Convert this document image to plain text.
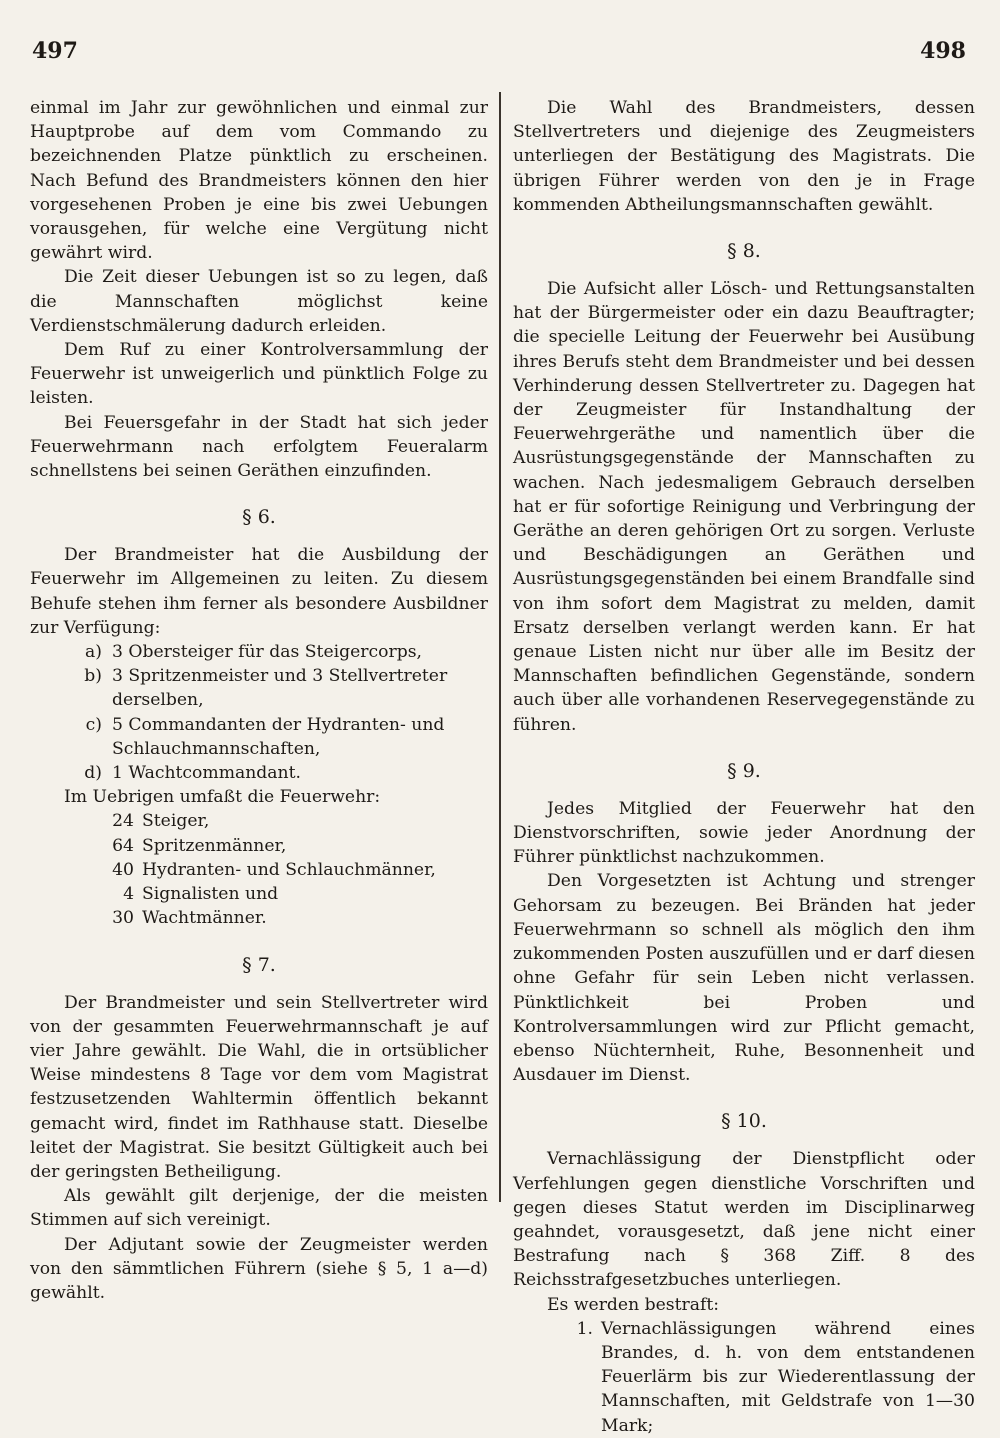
497	498

einmal im Jahr zur gewöhnlichen und einmal zur Hauptprobe auf dem vom Commando zu bezeichnenden Platze pünktlich zu erscheinen. Nach Befund des Brandmeisters können den hier vorgesehenen Proben je eine bis zwei Uebungen vorausgehen, für welche eine Vergütung nicht gewährt wird.

Die Zeit dieser Uebungen ist so zu legen, daß die Mannschaften möglichst keine Verdienstschmälerung dadurch erleiden.

Dem Ruf zu einer Kontrolversammlung der Feuerwehr ist unweigerlich und pünktlich Folge zu leisten.

Bei Feuersgefahr in der Stadt hat sich jeder Feuerwehrmann nach erfolgtem Feueralarm schnellstens bei seinen Geräthen einzufinden.

§ 6.

Der Brandmeister hat die Ausbildung der Feuerwehr im Allgemeinen zu leiten. Zu diesem Behufe stehen ihm ferner als besondere Ausbildner zur Verfügung:

a) 3 Obersteiger für das Steigercorps,
b) 3 Spritzenmeister und 3 Stellvertreter derselben,
c) 5 Commandanten der Hydranten- und Schlauchmannschaften,
d) 1 Wachtcommandant.

Im Uebrigen umfaßt die Feuerwehr:

24 Steiger,
64 Spritzenmänner,
40 Hydranten- und Schlauchmänner,
4 Signalisten und
30 Wachtmänner.
§ 7.

Der Brandmeister und sein Stellvertreter wird von der gesammten Feuerwehrmannschaft je auf vier Jahre gewählt. Die Wahl, die in ortsüblicher Weise mindestens 8 Tage vor dem vom Magistrat festzusetzenden Wahltermin öffentlich bekannt gemacht wird, findet im Rathhause statt. Dieselbe leitet der Magistrat. Sie besitzt Gültigkeit auch bei der geringsten Betheiligung.

Als gewählt gilt derjenige, der die meisten Stimmen auf sich vereinigt.

Der Adjutant sowie der Zeugmeister werden von den sämmtlichen Führern (siehe § 5, 1 a—d) gewählt.

Die Wahl des Brandmeisters, dessen Stellvertreters und diejenige des Zeugmeisters unterliegen der Bestätigung des Magistrats. Die übrigen Führer werden von den je in Frage kommenden Abtheilungsmannschaften gewählt.

§ 8.

Die Aufsicht aller Lösch- und Rettungsanstalten hat der Bürgermeister oder ein dazu Beauftragter; die specielle Leitung der Feuerwehr bei Ausübung ihres Berufs steht dem Brandmeister und bei dessen Verhinderung dessen Stellvertreter zu. Dagegen hat der Zeugmeister für Instandhaltung der Feuerwehrgeräthe und namentlich über die Ausrüstungsgegenstände der Mannschaften zu wachen. Nach jedesmaligem Gebrauch derselben hat er für sofortige Reinigung und Verbringung der Geräthe an deren gehörigen Ort zu sorgen. Verluste und Beschädigungen an Geräthen und Ausrüstungsgegenständen bei einem Brandfalle sind von ihm sofort dem Magistrat zu melden, damit Ersatz derselben verlangt werden kann. Er hat genaue Listen nicht nur über alle im Besitz der Mannschaften befindlichen Gegenstände, sondern auch über alle vorhandenen Reservegegenstände zu führen.

§ 9.

Jedes Mitglied der Feuerwehr hat den Dienstvorschriften, sowie jeder Anordnung der Führer pünktlichst nachzukommen.

Den Vorgesetzten ist Achtung und strenger Gehorsam zu bezeugen. Bei Bränden hat jeder Feuerwehrmann so schnell als möglich den ihm zukommenden Posten auszufüllen und er darf diesen ohne Gefahr für sein Leben nicht verlassen. Pünktlichkeit bei Proben und Kontrolversammlungen wird zur Pflicht gemacht, ebenso Nüchternheit, Ruhe, Besonnenheit und Ausdauer im Dienst.

§ 10.

Vernachlässigung der Dienstpflicht oder Verfehlungen gegen dienstliche Vorschriften und gegen dieses Statut werden im Disciplinarweg geahndet, vorausgesetzt, daß jene nicht einer Bestrafung nach § 368 Ziff. 8 des Reichsstrafgesetzbuches unterliegen.

Es werden bestraft:

1. Vernachlässigungen während eines Brandes, d. h. von dem entstandenen Feuerlärm bis zur Wiederentlassung der Mannschaften, mit Geldstrafe von 1—30 Mark;
